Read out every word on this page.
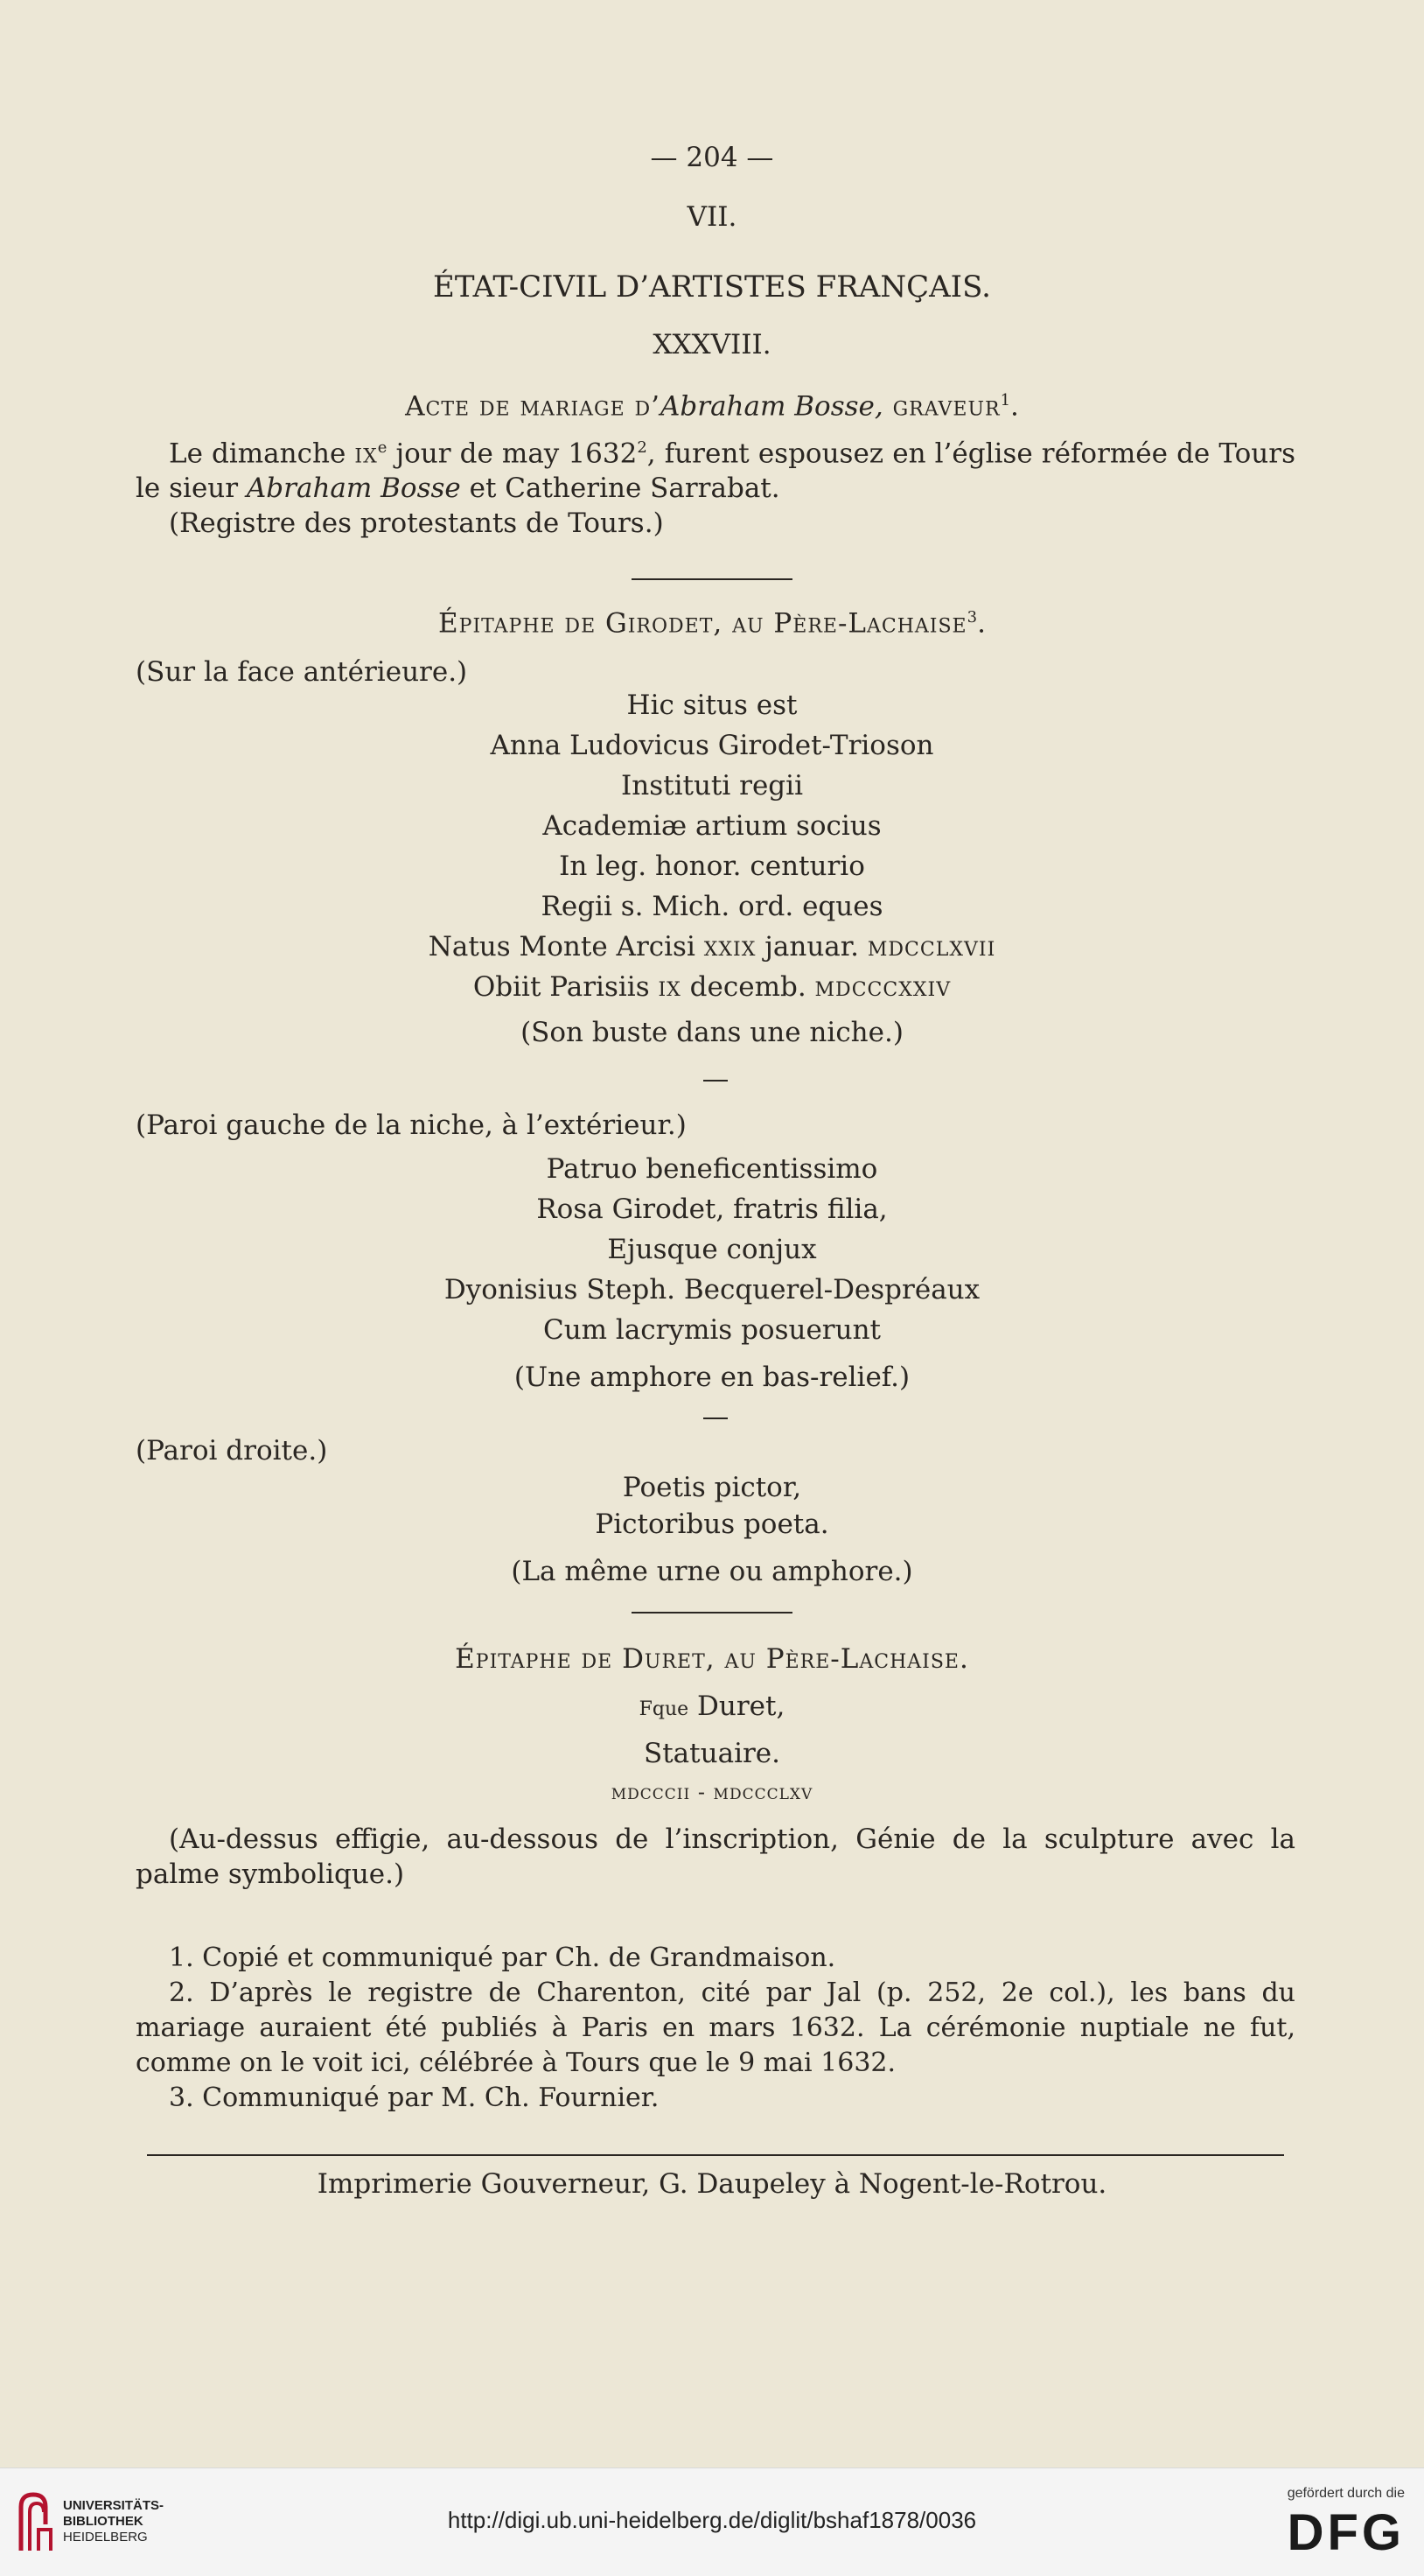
— 204 —
VII.
ÉTAT-CIVIL D’ARTISTES FRANÇAIS.
XXXVIII.
Acte de mariage d’Abraham Bosse, graveur$^1$.

Le dimanche $ix^e$ jour de may 1632$^2$, furent espousez en l’église réformée de Tours le sieur Abraham Bosse et Catherine Sarrabat.

(Registre des protestants de Tours.)

Épitaphe de Girodet, au Père-Lachaise$^3$.
(Sur la face antérieure.)
Hic situs est
Anna Ludovicus Girodet-Trioson
Instituti regii
Academiæ artium socius
In leg. honor. centurio
Regii s. Mich. ord. eques
Natus Monte Arcisi xxix januar. mdcclxvii
Obiit Parisiis ix decemb. mdcccxxiv
(Son buste dans une niche.)
(Paroi gauche de la niche, à l’extérieur.)
Patruo beneficentissimo
Rosa Girodet, fratris filia,
Ejusque conjux
Dyonisius Steph. Becquerel-Despréaux
Cum lacrymis posuerunt
(Une amphore en bas-relief.)
(Paroi droite.)
Poetis pictor,
Pictoribus poeta.
(La même urne ou amphore.)
Épitaphe de Duret, au Père-Lachaise.
Fque Duret,
Statuaire.
mdcccii - mdccclxv

(Au-dessus effigie, au-dessous de l’inscription, Génie de la sculpture avec la palme symbolique.)

1. Copié et communiqué par Ch. de Grandmaison.

2. D’après le registre de Charenton, cité par Jal (p. 252, 2e col.), les bans du mariage auraient été publiés à Paris en mars 1632. La cérémonie nuptiale ne fut, comme on le voit ici, célébrée à Tours que le 9 mai 1632.

3. Communiqué par M. Ch. Fournier.

Imprimerie Gouverneur, G. Daupeley à Nogent-le-Rotrou.
UNIVERSITÄTS-
BIBLIOTHEK
HEIDELBERG
http://digi.ub.uni-heidelberg.de/diglit/bshaf1878/0036
gefördert durch die
DFG
